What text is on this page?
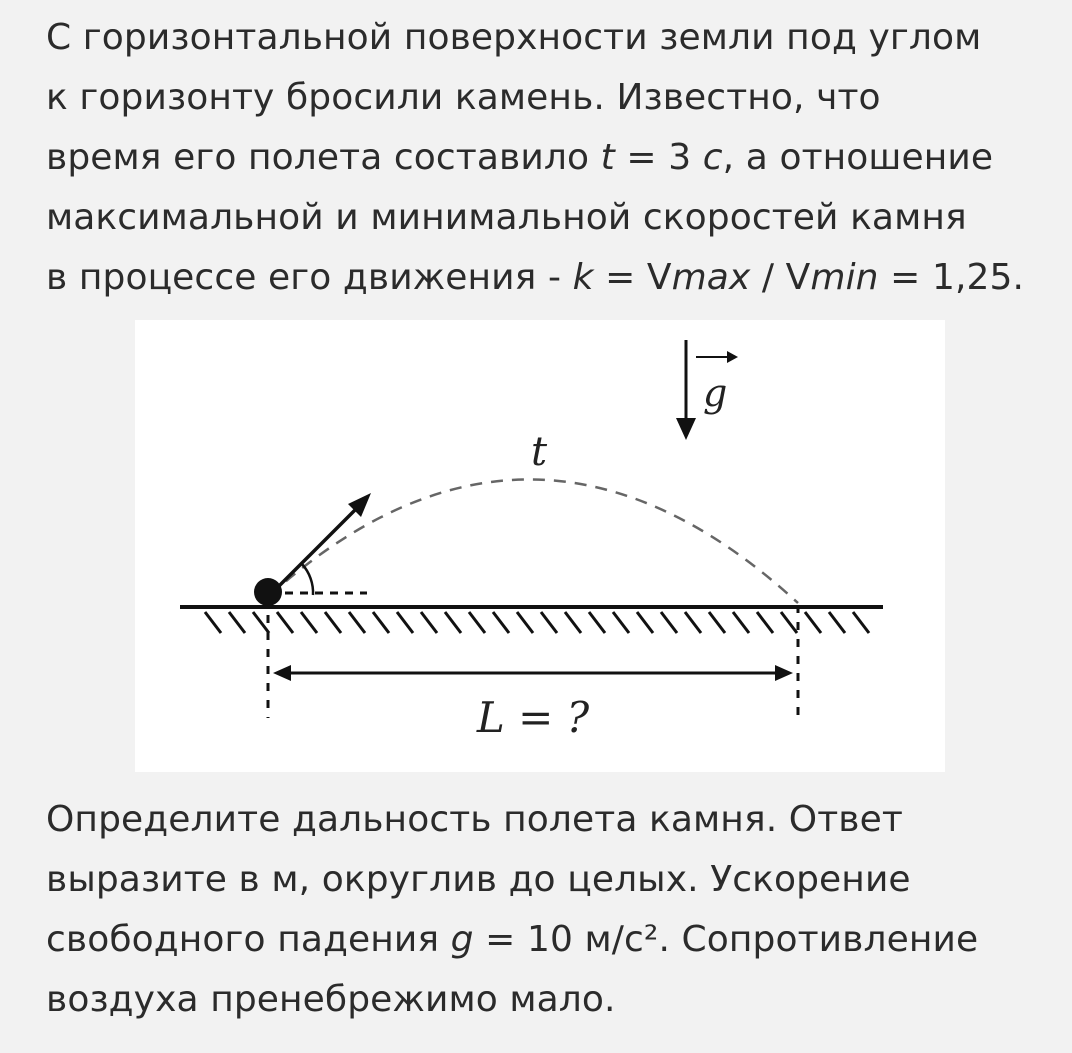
С горизонтальной поверхности земли под углом
к горизонту бросили камень. Известно, что
время его полета составило t = 3 с, а отношение
максимальной и минимальной скоростей камня
в процессе его движения - k = Vmax / Vmin = 1,25.
g
t
L = ?
Определите дальность полета камня. Ответ
выразите в м, округлив до целых. Ускорение
свободного падения g = 10 м/с². Сопротивление
воздуха пренебрежимо мало.
